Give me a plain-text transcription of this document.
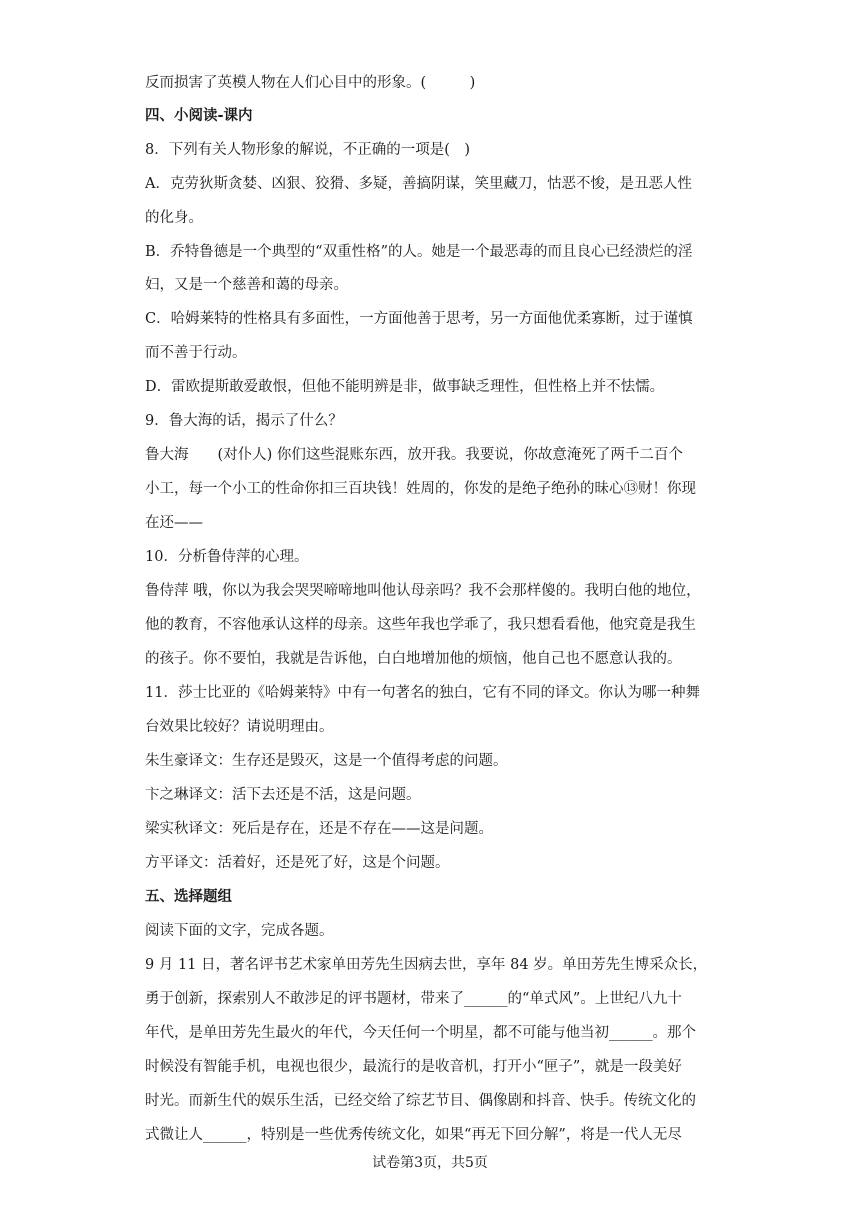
反而损害了英模人物在人们心目中的形象。(　　　)
四、小阅读-课内
8．下列有关人物形象的解说，不正确的一项是(　)
A．克劳狄斯贪婪、凶狠、狡猾、多疑，善搞阴谋，笑里藏刀，怙恶不悛，是丑恶人性
的化身。
B．乔特鲁德是一个典型的“双重性格”的人。她是一个最恶毒的而且良心已经溃烂的淫
妇，又是一个慈善和蔼的母亲。
C．哈姆莱特的性格具有多面性，一方面他善于思考，另一方面他优柔寡断，过于谨慎
而不善于行动。
D．雷欧提斯敢爱敢恨，但他不能明辨是非，做事缺乏理性，但性格上并不怯懦。
9．鲁大海的话，揭示了什么？
鲁大海　　(对仆人) 你们这些混账东西，放开我。我要说，你故意淹死了两千二百个
小工，每一个小工的性命你扣三百块钱！姓周的，你发的是绝子绝孙的昧心⑬财！你现
在还——
10．分析鲁侍萍的心理。
鲁侍萍 哦，你以为我会哭哭啼啼地叫他认母亲吗？我不会那样傻的。我明白他的地位，
他的教育，不容他承认这样的母亲。这些年我也学乖了，我只想看看他，他究竟是我生
的孩子。你不要怕，我就是告诉他，白白地增加他的烦恼，他自己也不愿意认我的。
11．莎士比亚的《哈姆莱特》中有一句著名的独白，它有不同的译文。你认为哪一种舞
台效果比较好？请说明理由。
朱生豪译文：生存还是毁灭，这是一个值得考虑的问题。
卞之琳译文：活下去还是不活，这是问题。
梁实秋译文：死后是存在，还是不存在——这是问题。
方平译文：活着好，还是死了好，这是个问题。
五、选择题组
阅读下面的文字，完成各题。
9 月 11 日，著名评书艺术家单田芳先生因病去世，享年 84 岁。单田芳先生博采众长，
勇于创新，探索别人不敢涉足的评书题材，带来了______的“单式风”。上世纪八九十
年代，是单田芳先生最火的年代，今天任何一个明星，都不可能与他当初______。那个
时候没有智能手机，电视也很少，最流行的是收音机，打开小“匣子”，就是一段美好
时光。而新生代的娱乐生活，已经交给了综艺节目、偶像剧和抖音、快手。传统文化的
式微让人______，特别是一些优秀传统文化，如果“再无下回分解”，将是一代人无尽
试卷第3页，共5页
